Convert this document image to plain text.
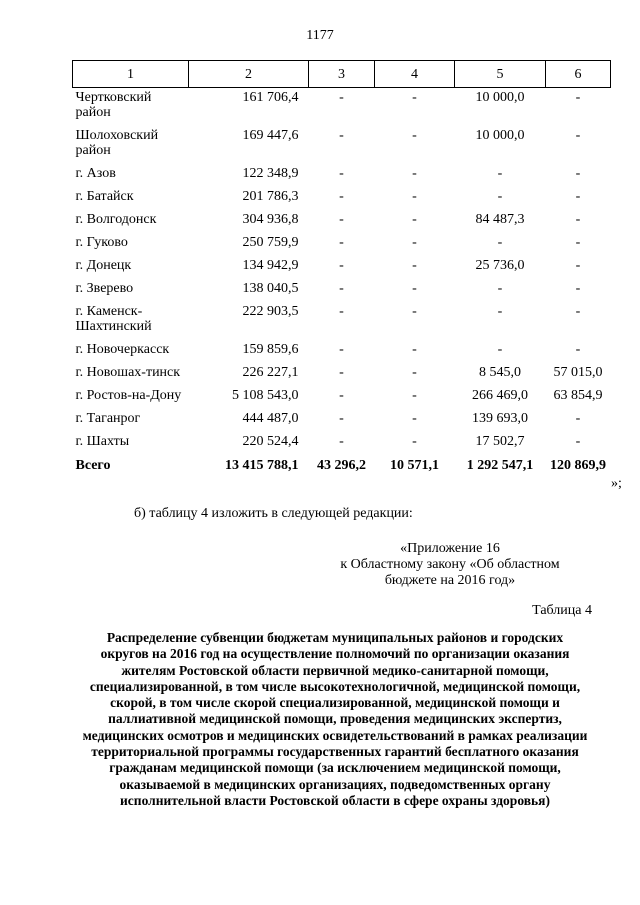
1177
1	2	3	4	5	6
Чертковский район	161 706,4	-	-	10 000,0	-
Шолоховский район	169 447,6	-	-	10 000,0	-
г. Азов	122 348,9	-	-	-	-
г. Батайск	201 786,3	-	-	-	-
г. Волгодонск	304 936,8	-	-	84 487,3	-
г. Гуково	250 759,9	-	-	-	-
г. Донецк	134 942,9	-	-	25 736,0	-
г. Зверево	138 040,5	-	-	-	-
г. Каменск-Шахтинский	222 903,5	-	-	-	-
г. Новочеркасск	159 859,6	-	-	-	-
г. Новошах-тинск	226 227,1	-	-	8 545,0	57 015,0
г. Ростов-на-Дону	5 108 543,0	-	-	266 469,0	63 854,9
г. Таганрог	444 487,0	-	-	139 693,0	-
г. Шахты	220 524,4	-	-	17 502,7	-
Всего	13 415 788,1	43 296,2	10 571,1	1 292 547,1	120 869,9
»;
б) таблицу 4 изложить в следующей редакции:
«Приложение 16
к Областному закону «Об областном
бюджете на 2016 год»
Таблица 4
Распределение субвенции бюджетам муниципальных районов и городских округов на 2016 год на осуществление полномочий по организации оказания жителям Ростовской области первичной медико-санитарной помощи, специализированной, в том числе высокотехнологичной, медицинской помощи, скорой, в том числе скорой специализированной, медицинской помощи и паллиативной медицинской помощи, проведения медицинских экспертиз, медицинских осмотров и медицинских освидетельствований в рамках реализации территориальной программы государственных гарантий бесплатного оказания гражданам медицинской помощи (за исключением медицинской помощи, оказываемой в медицинских организациях, подведомственных органу исполнительной власти Ростовской области в сфере охраны здоровья)
